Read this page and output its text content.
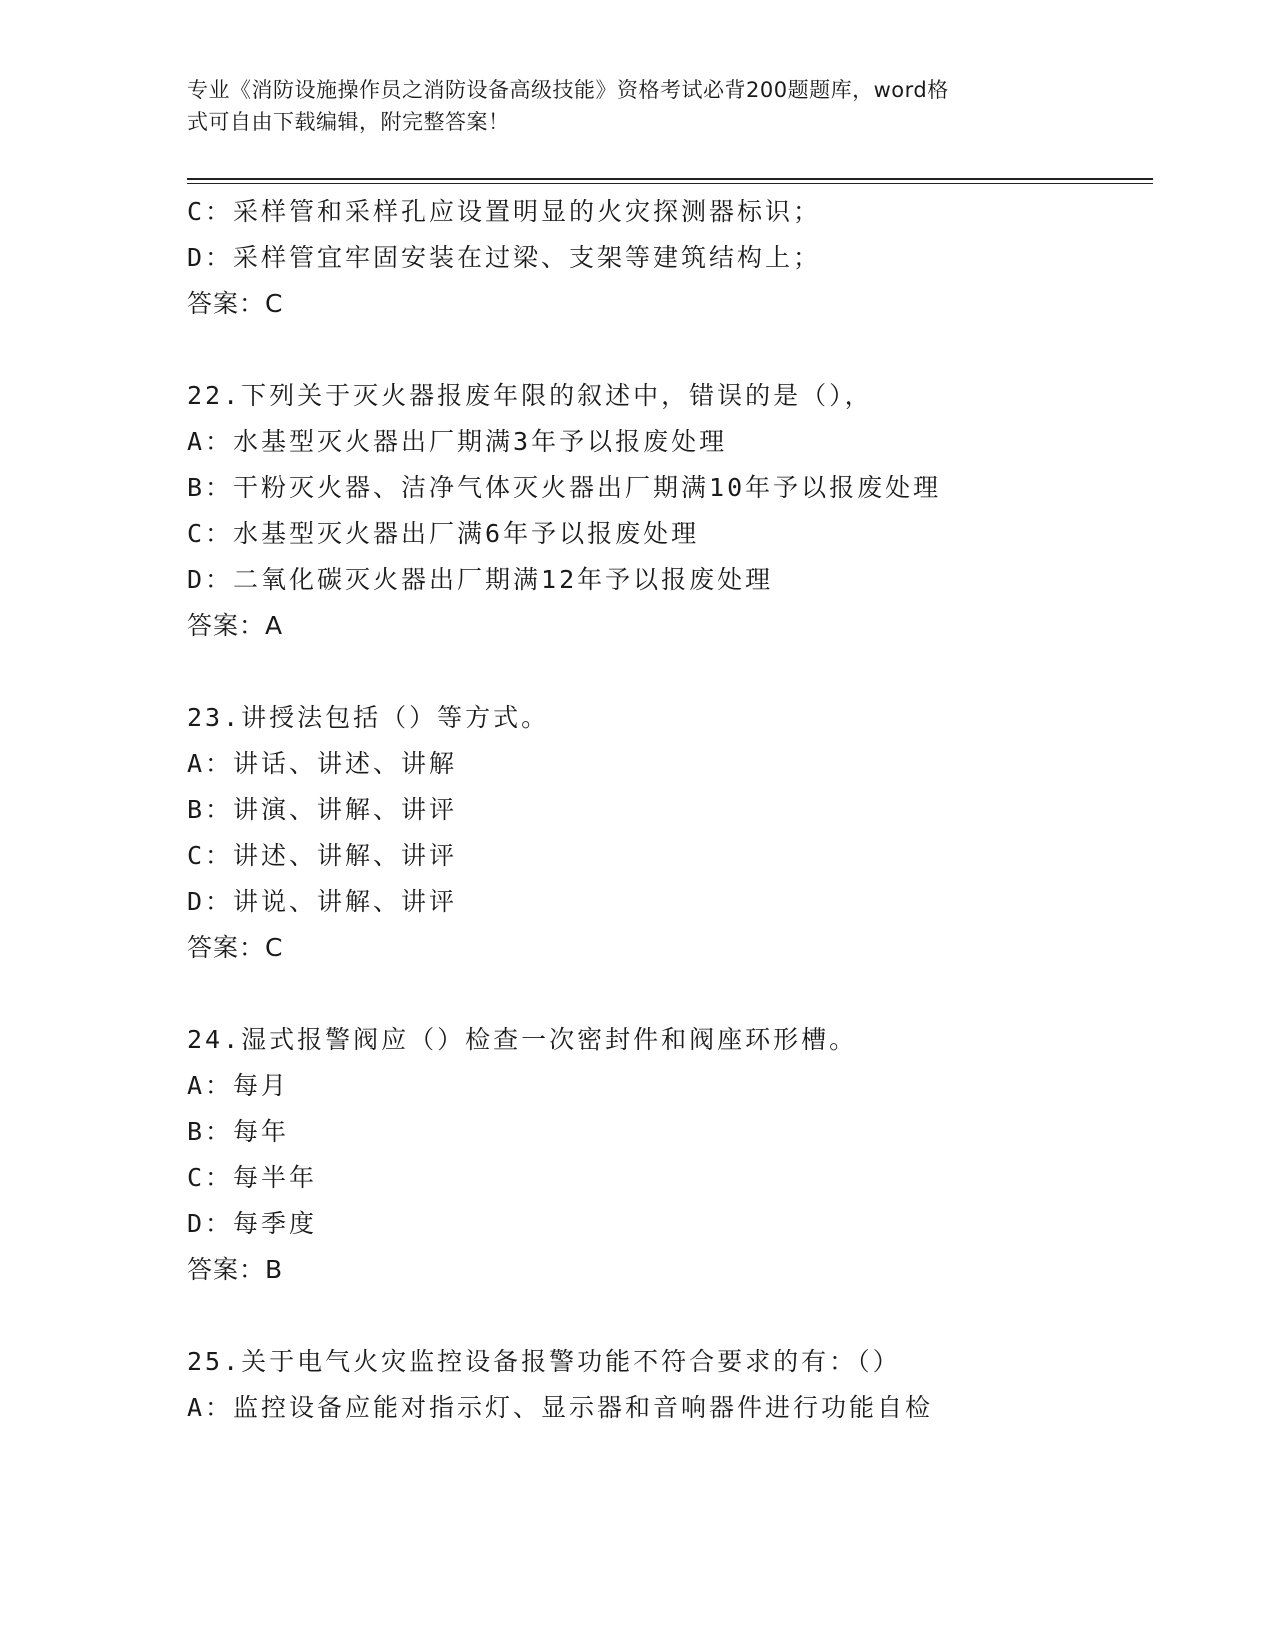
专业《消防设施操作员之消防设备高级技能》资格考试必背200题题库，word格
式可自由下载编辑，附完整答案！
C：采样管和采样孔应设置明显的火灾探测器标识；
D：采样管宜牢固安装在过梁、支架等建筑结构上；
答案：C
22.下列关于灭火器报废年限的叙述中，错误的是（），
A：水基型灭火器出厂期满3年予以报废处理
B：干粉灭火器、洁净气体灭火器出厂期满10年予以报废处理
C：水基型灭火器出厂满6年予以报废处理
D：二氧化碳灭火器出厂期满12年予以报废处理
答案：A
23.讲授法包括（）等方式。
A：讲话、讲述、讲解
B：讲演、讲解、讲评
C：讲述、讲解、讲评
D：讲说、讲解、讲评
答案：C
24.湿式报警阀应（）检查一次密封件和阀座环形槽。
A：每月
B：每年
C：每半年
D：每季度
答案：B
25.关于电气火灾监控设备报警功能不符合要求的有：（）
A：监控设备应能对指示灯、显示器和音响器件进行功能自检
